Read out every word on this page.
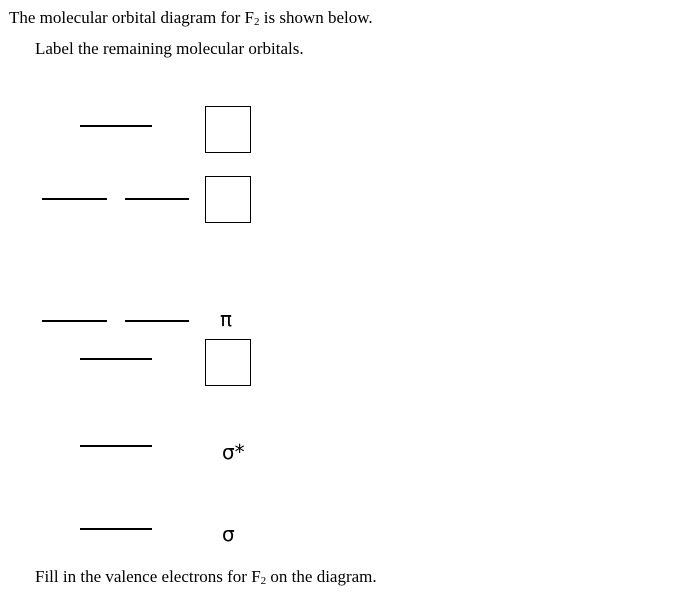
The molecular orbital diagram for F2 is shown below.
Label the remaining molecular orbitals.
π
σ*
σ
Fill in the valence electrons for F2 on the diagram.
